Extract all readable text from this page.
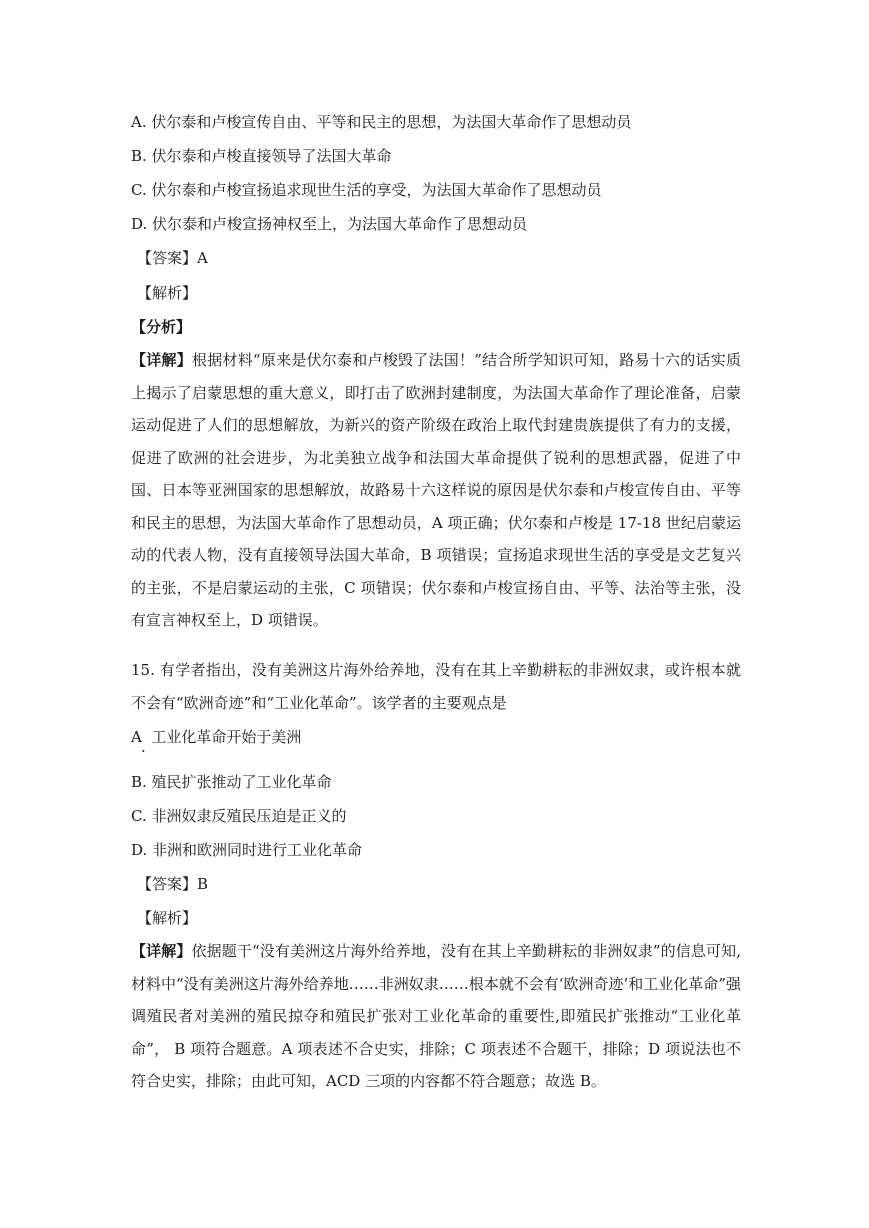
A. 伏尔泰和卢梭宣传自由、平等和民主的思想，为法国大革命作了思想动员
B. 伏尔泰和卢梭直接领导了法国大革命
C. 伏尔泰和卢梭宣扬追求现世生活的享受，为法国大革命作了思想动员
D. 伏尔泰和卢梭宣扬神权至上，为法国大革命作了思想动员
【答案】A
【解析】
【分析】
【详解】根据材料“原来是伏尔泰和卢梭毁了法国！”结合所学知识可知，路易十六的话实质上揭示了启蒙思想的重大意义，即打击了欧洲封建制度，为法国大革命作了理论准备，启蒙运动促进了人们的思想解放，为新兴的资产阶级在政治上取代封建贵族提供了有力的支援，促进了欧洲的社会进步，为北美独立战争和法国大革命提供了锐利的思想武器，促进了中国、日本等亚洲国家的思想解放，故路易十六这样说的原因是伏尔泰和卢梭宣传自由、平等和民主的思想，为法国大革命作了思想动员，A 项正确；伏尔泰和卢梭是 17-18 世纪启蒙运动的代表人物，没有直接领导法国大革命，B 项错误；宣扬追求现世生活的享受是文艺复兴的主张，不是启蒙运动的主张，C 项错误；伏尔泰和卢梭宣扬自由、平等、法治等主张，没有宣言神权至上，D 项错误。
15. 有学者指出，没有美洲这片海外给养地，没有在其上辛勤耕耘的非洲奴隶，或许根本就不会有“欧洲奇迹”和“工业化革命”。该学者的主要观点是
A 工业化革命开始于美洲
.
B. 殖民扩张推动了工业化革命
C. 非洲奴隶反殖民压迫是正义的
D. 非洲和欧洲同时进行工业化革命
【答案】B
【解析】
【详解】依据题干“没有美洲这片海外给养地，没有在其上辛勤耕耘的非洲奴隶”的信息可知,材料中“没有美洲这片海外给养地……非洲奴隶……根本就不会有‘欧洲奇迹’和工业化革命”强调殖民者对美洲的殖民掠夺和殖民扩张对工业化革命的重要性,即殖民扩张推动“工业化革命”， B 项符合题意。A 项表述不合史实，排除；C 项表述不合题干，排除；D 项说法也不符合史实，排除；由此可知，ACD 三项的内容都不符合题意；故选 B。
